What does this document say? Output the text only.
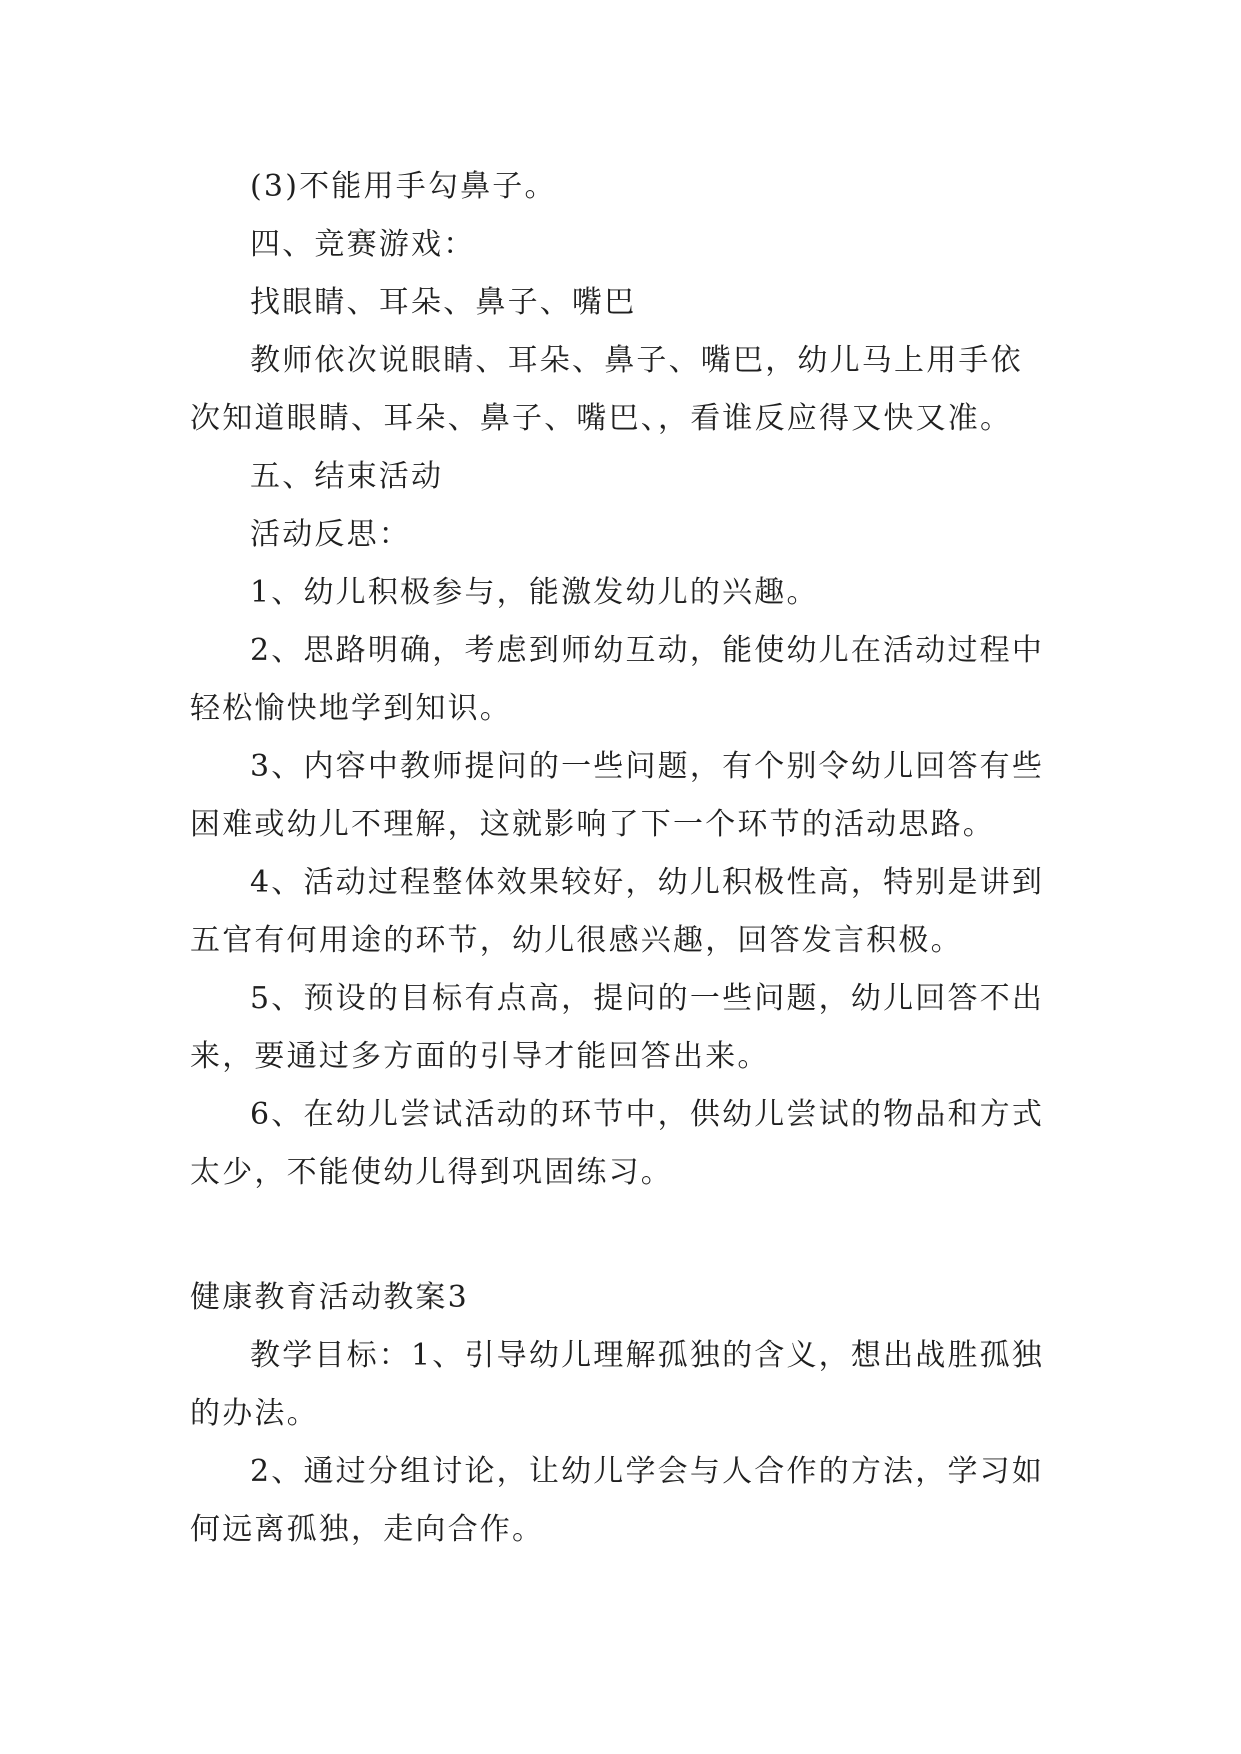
(3)不能用手勾鼻子。

四、竞赛游戏：

找眼睛、耳朵、鼻子、嘴巴

教师依次说眼睛、耳朵、鼻子、嘴巴，幼儿马上用手依次知道眼睛、耳朵、鼻子、嘴巴、，看谁反应得又快又准。

五、结束活动

活动反思：

1、幼儿积极参与，能激发幼儿的兴趣。

2、思路明确，考虑到师幼互动，能使幼儿在活动过程中轻松愉快地学到知识。

3、内容中教师提问的一些问题，有个别令幼儿回答有些困难或幼儿不理解，这就影响了下一个环节的活动思路。

4、活动过程整体效果较好，幼儿积极性高，特别是讲到五官有何用途的环节，幼儿很感兴趣，回答发言积极。

5、预设的目标有点高，提问的一些问题，幼儿回答不出来，要通过多方面的引导才能回答出来。

6、在幼儿尝试活动的环节中，供幼儿尝试的物品和方式太少，不能使幼儿得到巩固练习。

健康教育活动教案3

教学目标：1、引导幼儿理解孤独的含义，想出战胜孤独的办法。

2、通过分组讨论，让幼儿学会与人合作的方法，学习如何远离孤独，走向合作。
